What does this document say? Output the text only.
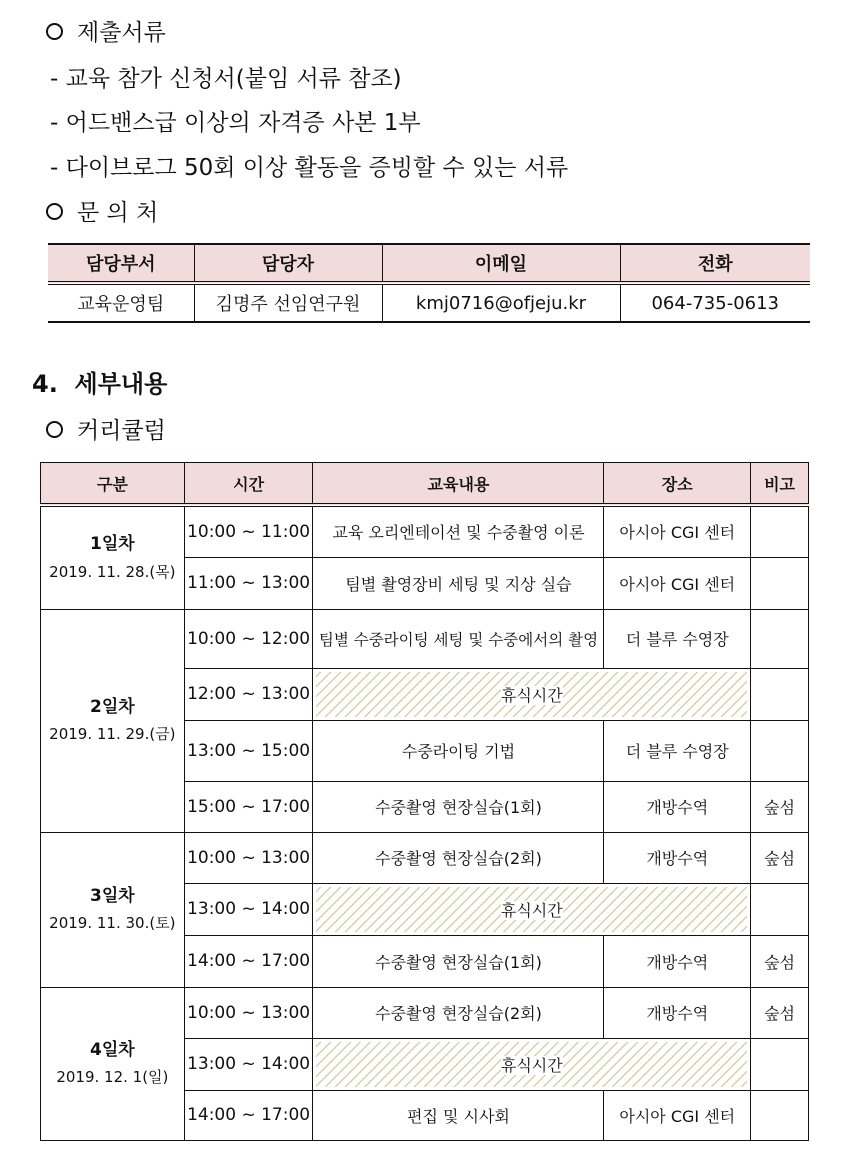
제출서류
- 교육 참가 신청서(붙임 서류 참조)
- 어드밴스급 이상의 자격증 사본 1부
- 다이브로그 50회 이상 활동을 증빙할 수 있는 서류
문 의 처
담당부서	담당자	이메일	전화
교육운영팀	김명주 선임연구원	kmj0716@ofjeju.kr	064-735-0613
4. 세부내용
커리큘럼
구분	시간	교육내용	장소	비고

1일차
2019. 11. 28.(목)	10:00 ~ 11:00	교육 오리엔테이션 및 수중촬영 이론	아시아 CGI 센터	
	11:00 ~ 13:00	팀별 촬영장비 세팅 및 지상 실습	아시아 CGI 센터	

2일차
2019. 11. 29.(금)	10:00 ~ 12:00	팀별 수중라이팅 세팅 및 수중에서의 촬영	더 블루 수영장	
	12:00 ~ 13:00	휴식시간		
	13:00 ~ 15:00	수중라이팅 기법	더 블루 수영장	
	15:00 ~ 17:00	수중촬영 현장실습(1회)	개방수역	숲섬

3일차
2019. 11. 30.(토)	10:00 ~ 13:00	수중촬영 현장실습(2회)	개방수역	숲섬
	13:00 ~ 14:00	휴식시간		
	14:00 ~ 17:00	수중촬영 현장실습(1회)	개방수역	숲섬

4일차
2019. 12. 1(일)	10:00 ~ 13:00	수중촬영 현장실습(2회)	개방수역	숲섬
	13:00 ~ 14:00	휴식시간		
	14:00 ~ 17:00	편집 및 시사회	아시아 CGI 센터	
